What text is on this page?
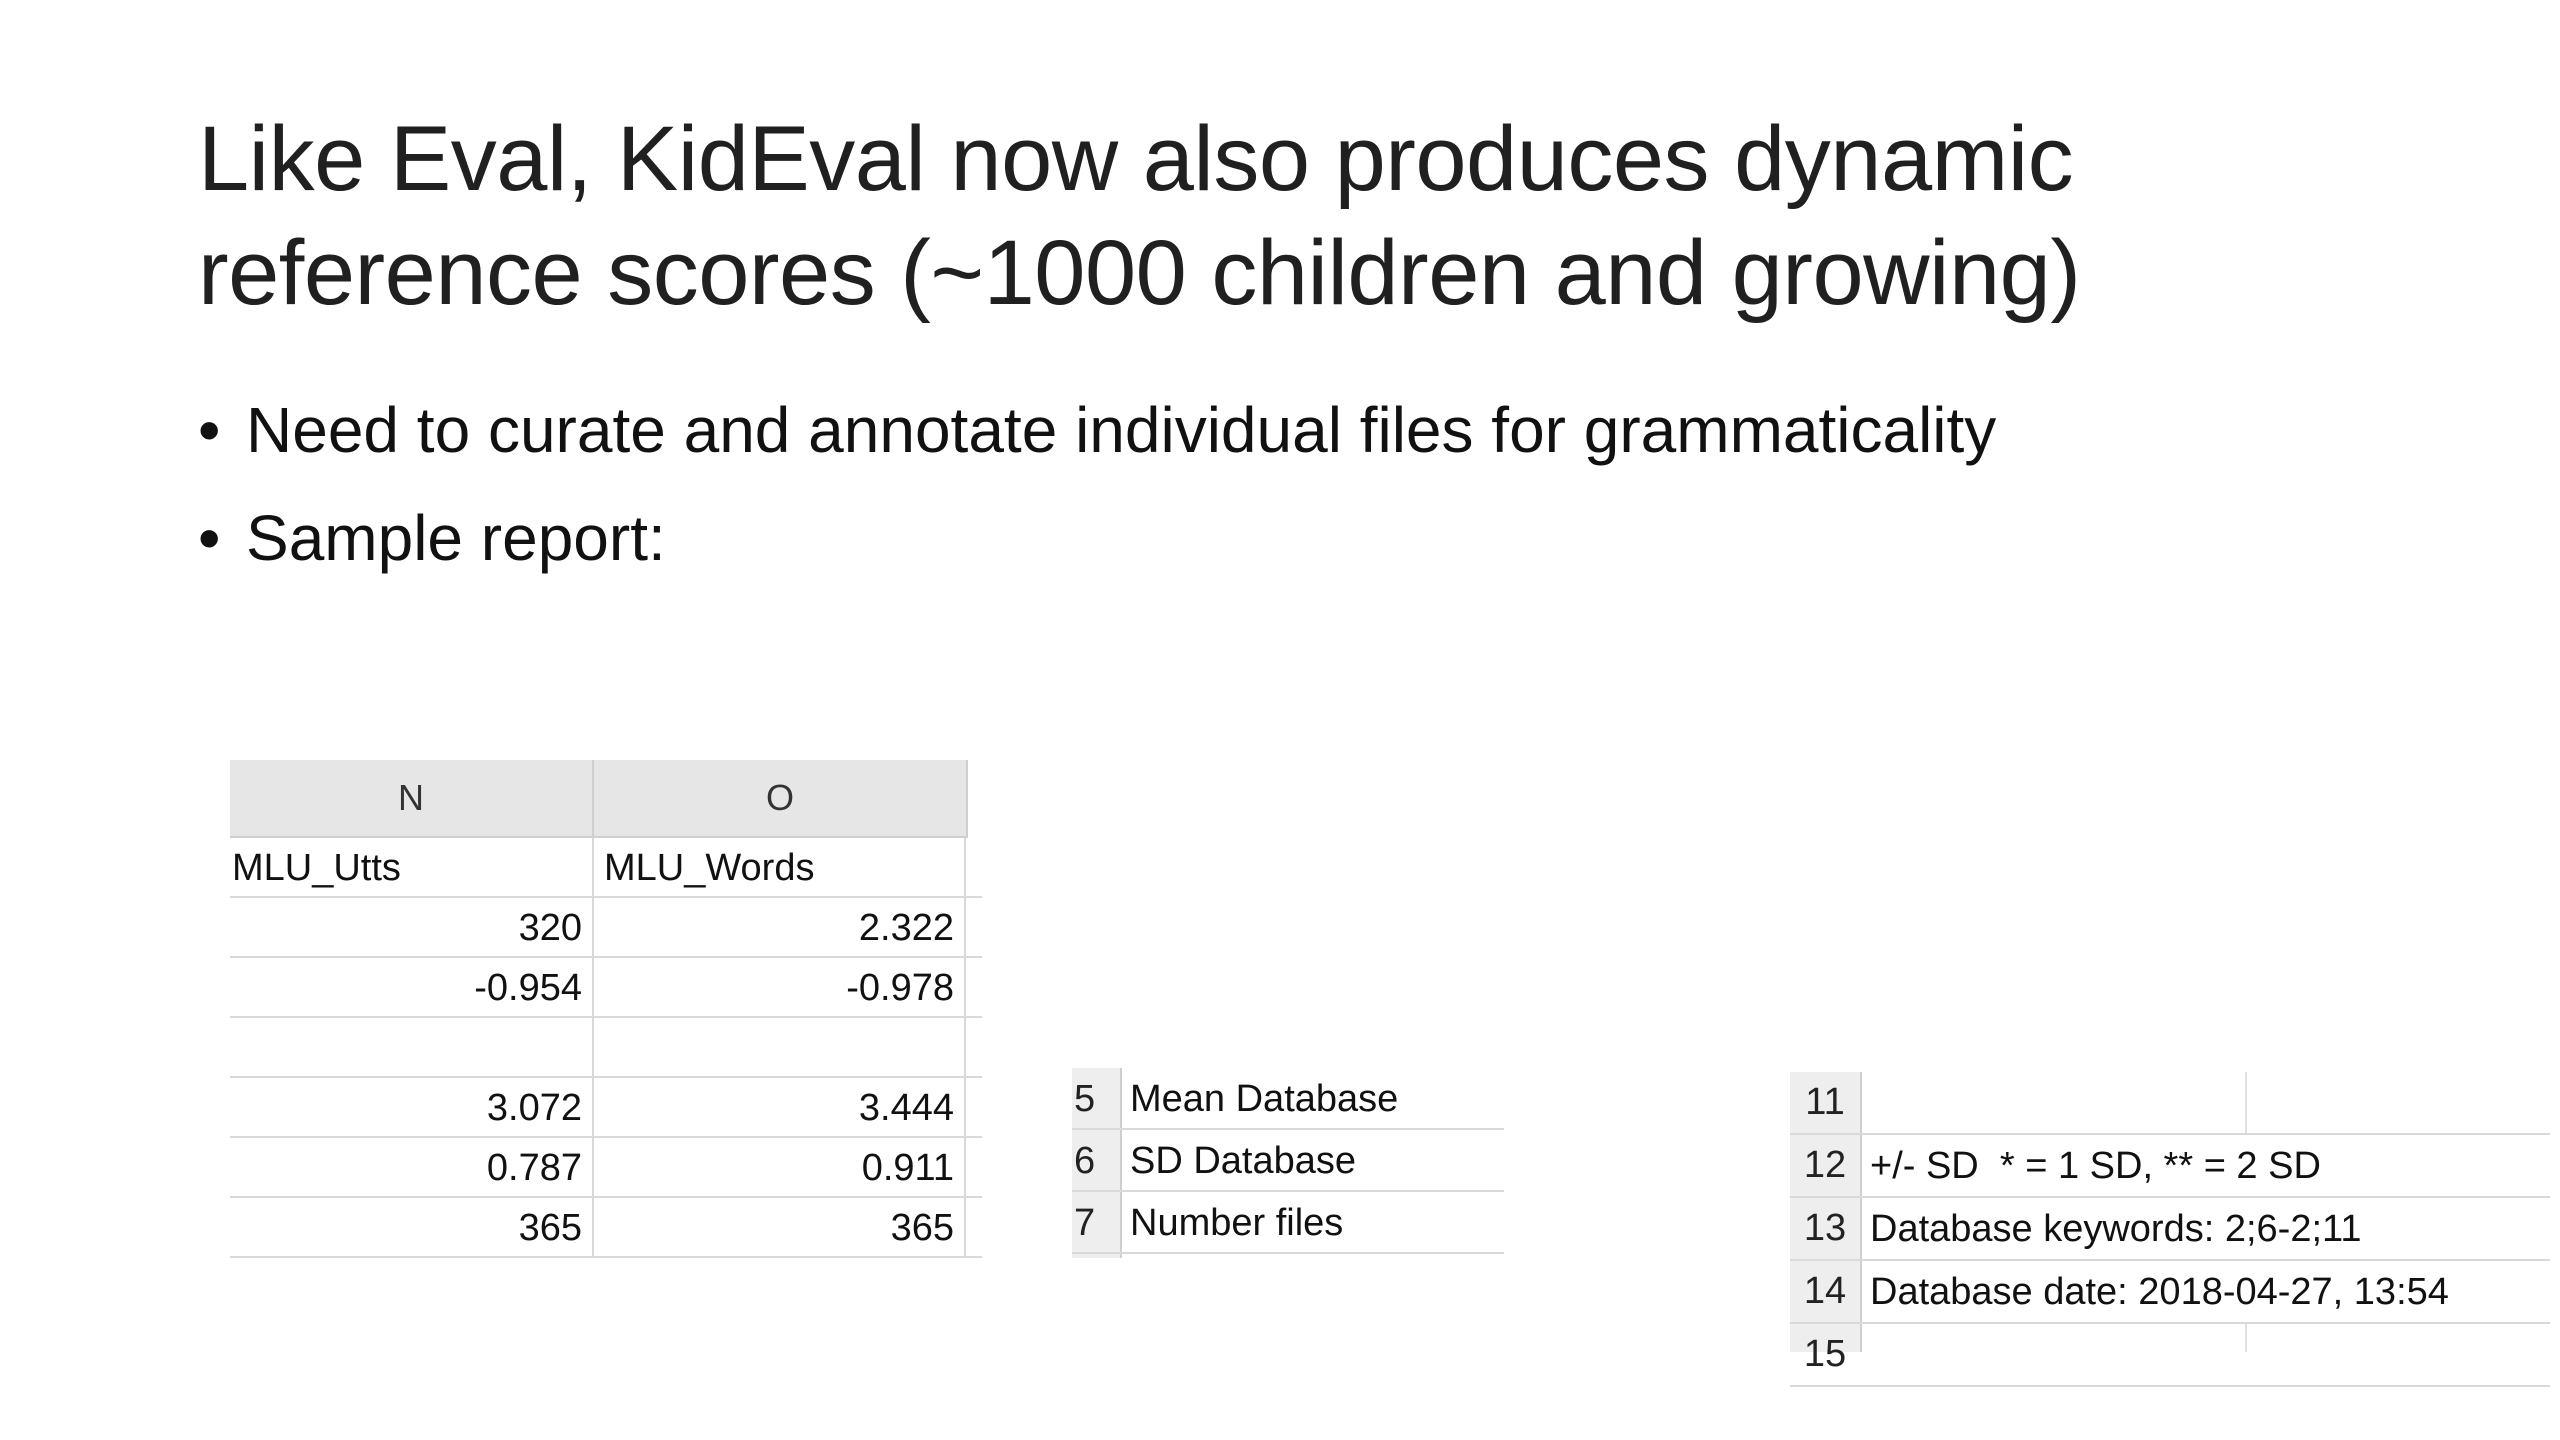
Like Eval, KidEval now also produces dynamic
reference scores (~1000 children and growing)
• Need to curate and annotate individual files for grammaticality
• Sample report:
N	O
MLU_Utts	MLU_Words
320	2.322
-0.954	-0.978
3.072	3.444
0.787	0.911
365	365
5 Mean Database
6 SD Database
7 Number files
11
12 +/- SD  * = 1 SD, ** = 2 SD
13 Database keywords: 2;6-2;11
14 Database date: 2018-04-27, 13:54
15
